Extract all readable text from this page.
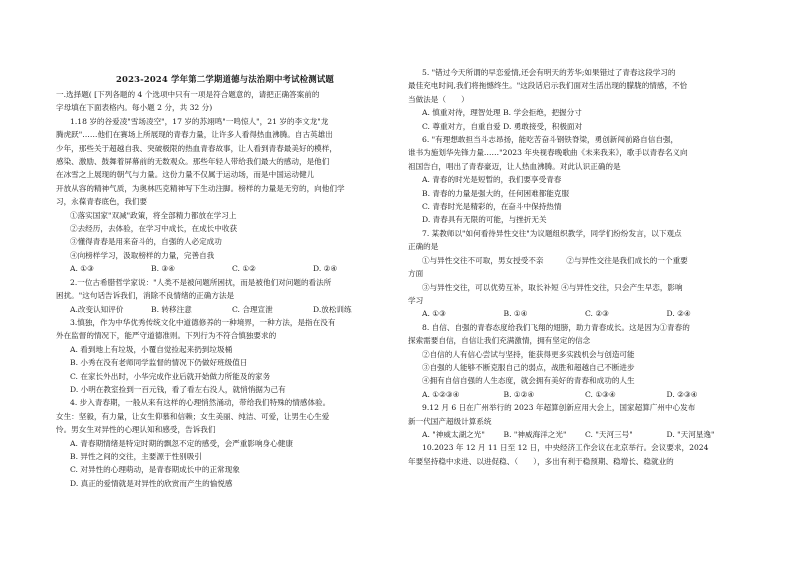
一.选择题( [下列各题的 4 个选项中只有一项是符合题意的，请把正确答案前的

字母填在下面表格内。每小题 2 分，共 32 分)

1.18 岁的谷爱凌"雪场凌空"，17 岁的苏翊鸣"一鸣惊人"，21 岁的李文龙"龙

腾虎跃"……他们在赛场上所展现的青春力量，让许多人看得热血沸腾。自古英雄出

少年，那些关于超越自我、突破极限的热血青春故事，让人看到青春最美好的模样，

感染、激励、鼓舞着屏幕前的无数观众。那些年轻人带给我们最大的感动，是他们

在冰雪之上展现的朝气与力量。这份力量不仅属于运动场，而是中国运动健儿

开放从容的精神气质，为奥林匹克精神写下生动注脚。榜样的力量是无穷的，向他们学

习，永葆青春底色，我们要

①落实国家"双减"政策，将全部精力都放在学习上

②去经历，去体验，在学习中成长，在成长中收获

③懂得青春是用来奋斗的，自强的人必定成功

④向榜样学习，汲取榜样的力量，完善自我

A. ①③	B. ③④	C. ①②	D. ②④

2.一位古希腊哲学家说："人类不是被问题所困扰，而是被他们对问题的看法所

困扰。"这句话告诉我们，消除不良情绪的正确方法是

A.改变认知评价	B. 转移注意	C. 合理宣泄	D.放松训练

3.慎独，作为中华优秀传统文化中道德修养的一种境界，一种方法，是指在没有

外在监督的情况下，能严守道德准则。下列行为不符合慎独要求的

A. 看到地上有垃圾，小覆自觉捡起来扔到垃圾桶

B. 小秀在没有老师同学监督的情况下仍做好班级值日

C. 在家长外出时，小华完成作业后就开始做力所能及的家务

D. 小明在教室捡到一百元钱，看了看左右没人，就悄悄据为己有

4. 步入青春期，一般从来有这样的心理悄然涌动，带给我们特殊的情感体验。

女生：坚毅，有力量，让女生仰慕和信赖；女生美丽、纯洁、可爱，让男生心生爱

怜。男女生对异性的心理认知和感受，告诉我们

A. 青春期情绪是特定时期的飘忽不定的感受，会严重影响身心健康

B. 异性之间的交往，主要源于性别吸引

C. 对异性的心理萌动，是青春期成长中的正常现象

D. 真正的爱情就是对异性的欣赏而产生的愉悦感

5. "错过今天所谓的早恋爱情,还会有明天的芳华;如果错过了青春这段学习的

最佳充电时间,我们将拖憾终生。"这段话启示我们面对生活出现的朦胧的情感，不恰

当做法是（　　）

A. 慎重对待，理智处理 B. 学会拒绝，把握分寸

C. 尊重对方，自重自爱 D. 勇敢接受，积极面对

6. "有理想敢担当斗志昂扬，能吃苦奋斗钢铁脊梁，勇创新闯前路自信自强，

谁书为施划华先锋力量……"2023 年央视春晚歌曲《未来我来》，歌手以青春名义向

祖国告白，唱出了青春豪迈，让人热血沸腾。对此认识正确的是

A. 青春的时光是短暂的，我们要享受青春

B. 青春的力量是强大的，任何困难都能克服

C. 青春时光是精彩的，在奋斗中保持热情

D. 青春具有无限的可能，与挫折无关

7. 某教师以"如何看待异性交往"为议题组织教学，同学们纷纷发言，以下观点

正确的是

①与异性交往不可取，男女授受不亲　　　②与异性交往是我们成长的一个重要

方面

③与异性交往，可以优势互补，取长补短 ④与异性交往，只会产生早恋，影响

学习

A. ①③	B. ①④	C. ②③	D. ②④

8. 自信、自强的青春态度给我们飞翔的翅膀，助力青春成长。这是因为①青春的

探索需要自信，自信让我们充满激情，拥有坚定的信念

②自信的人有信心尝试与坚持，能获得更多实践机会与创造可能

③自强的人能够不断克服自己的弱点，战胜和超越自己不断进步

④拥有自信自强的人生态度，就会拥有美好的青春和成功的人生

A. ①②③④	B. ①②④	C. ①③④	D. ②③④

9.12 月 6 日在广州举行的 2023 年超算创新应用大会上，国家超算广州中心发布

新一代国产超级计算系统

A. "神威太湖之光"	B. "神威海洋之光"	C. "天河三号"	D. "天河星逸"

10.2023 年 12 月 11 日至 12 日，中央经济工作会议在北京举行。会议要求，2024

年要坚持稳中求进、以进促稳、（　　），多出有利于稳预期、稳增长、稳就业的

2023-2024 学年第二学期道德与法治期中考试检测试题
